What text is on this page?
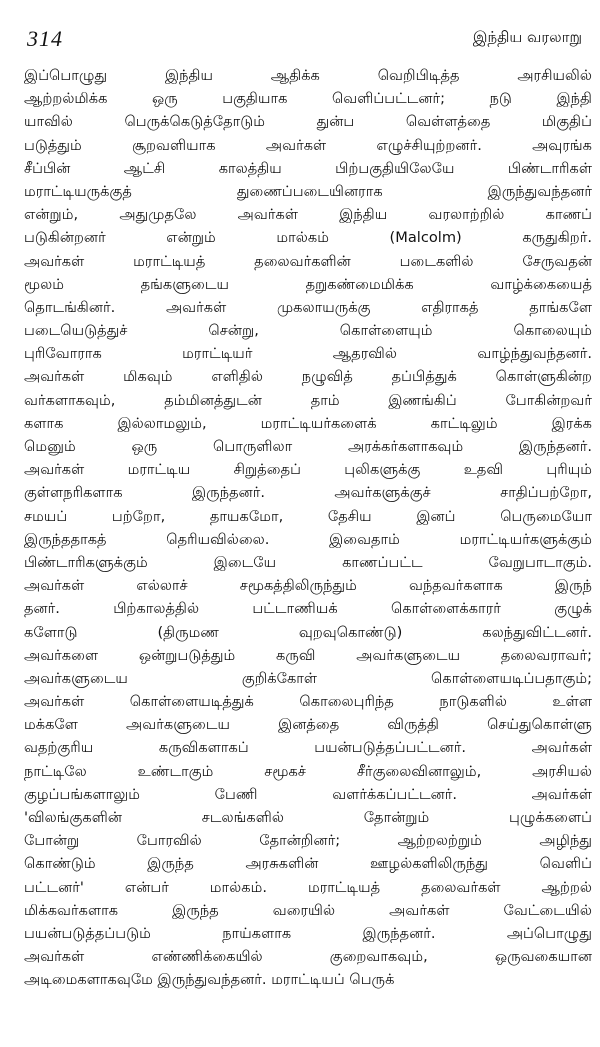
314	இந்திய வரலாறு
இப்பொழுது இந்திய ஆதிக்க வெறிபிடித்த அரசியலில்
ஆற்றல்மிக்க ஒரு பகுதியாக வெளிப்பட்டனர்; நடு இந்தி
யாவில் பெருக்கெடுத்தோடும் துன்ப வெள்ளத்தை மிகுதிப்
படுத்தும் சூறவளியாக அவர்கள் எழுச்சியுற்றனர். அவுரங்க
சீப்பின் ஆட்சி காலத்திய பிற்பகுதியிலேயே பிண்டாரிகள்
மராட்டியருக்குத் துணைப்படையினராக இருந்துவந்தனர்
என்றும், அதுமுதலே அவர்கள் இந்திய வரலாற்றில் காணப்
படுகின்றனர் என்றும் மால்கம் (Malcolm) கருதுகிறர்.
அவர்கள் மராட்டியத் தலைவர்களின் படைகளில் சேருவதன்
மூலம் தங்களுடைய தறுகண்மைமிக்க வாழ்க்கையைத்
தொடங்கினர். அவர்கள் முகலாயருக்கு எதிராகத் தாங்களே
படையெடுத்துச் சென்று, கொள்ளையும் கொலையும்
புரிவோராக மராட்டியர் ஆதரவில் வாழ்ந்துவந்தனர்.
அவர்கள் மிகவும் எளிதில் நழுவித் தப்பித்துக் கொள்ளுகின்ற
வர்களாகவும், தம்மினத்துடன் தாம் இணங்கிப் போகின்றவர்
களாக இல்லாமலும், மராட்டியர்களைக் காட்டிலும் இரக்க
மெனும் ஒரு பொருளிலா அரக்கர்களாகவும் இருந்தனர்.
அவர்கள் மராட்டிய சிறுத்தைப் புலிகளுக்கு உதவி புரியும்
குள்ளநரிகளாக இருந்தனர். அவர்களுக்குச் சாதிப்பற்றோ,
சமயப் பற்றோ, தாயகமோ, தேசிய இனப் பெருமையோ
இருந்ததாகத் தெரியவில்லை. இவைதாம் மராட்டியர்களுக்கும்
பிண்டாரிகளுக்கும் இடையே காணப்பட்ட வேறுபாடாகும்.
அவர்கள் எல்லாச் சமூகத்திலிருந்தும் வந்தவர்களாக இருந்
தனர். பிற்காலத்தில் பட்டாணியக் கொள்ளைக்காரர் குழுக்
களோடு (திருமண வுறவுகொண்டு) கலந்துவிட்டனர்.
அவர்களை ஒன்றுபடுத்தும் கருவி அவர்களுடைய தலைவராவர்;
அவர்களுடைய குறிக்கோள் கொள்ளையடிப்பதாகும்;
அவர்கள் கொள்ளையடித்துக் கொலைபுரிந்த நாடுகளில் உள்ள
மக்களே அவர்களுடைய இனத்தை விருத்தி செய்துகொள்ளு
வதற்குரிய கருவிகளாகப் பயன்படுத்தப்பட்டனர். அவர்கள்
நாட்டிலே உண்டாகும் சமூகச் சீர்குலைவினாலும், அரசியல்
குழப்பங்களாலும் பேணி வளர்க்கப்பட்டனர். அவர்கள்
'விலங்குகளின் சடலங்களில் தோன்றும் புழுக்களைப்
போன்று போரவில் தோன்றினர்; ஆற்றலற்றும் அழிந்து
கொண்டும் இருந்த அரசுகளின் ஊழல்களிலிருந்து வெளிப்
பட்டனர்' என்பர் மால்கம். மராட்டியத் தலைவர்கள் ஆற்றல்
மிக்கவர்களாக இருந்த வரையில் அவர்கள் வேட்டையில்
பயன்படுத்தப்படும் நாய்களாக இருந்தனர். அப்பொழுது
அவர்கள் எண்ணிக்கையில் குறைவாகவும், ஒருவகையான
அடிமைகளாகவுமே இருந்துவந்தனர். மராட்டியப் பெருக்
